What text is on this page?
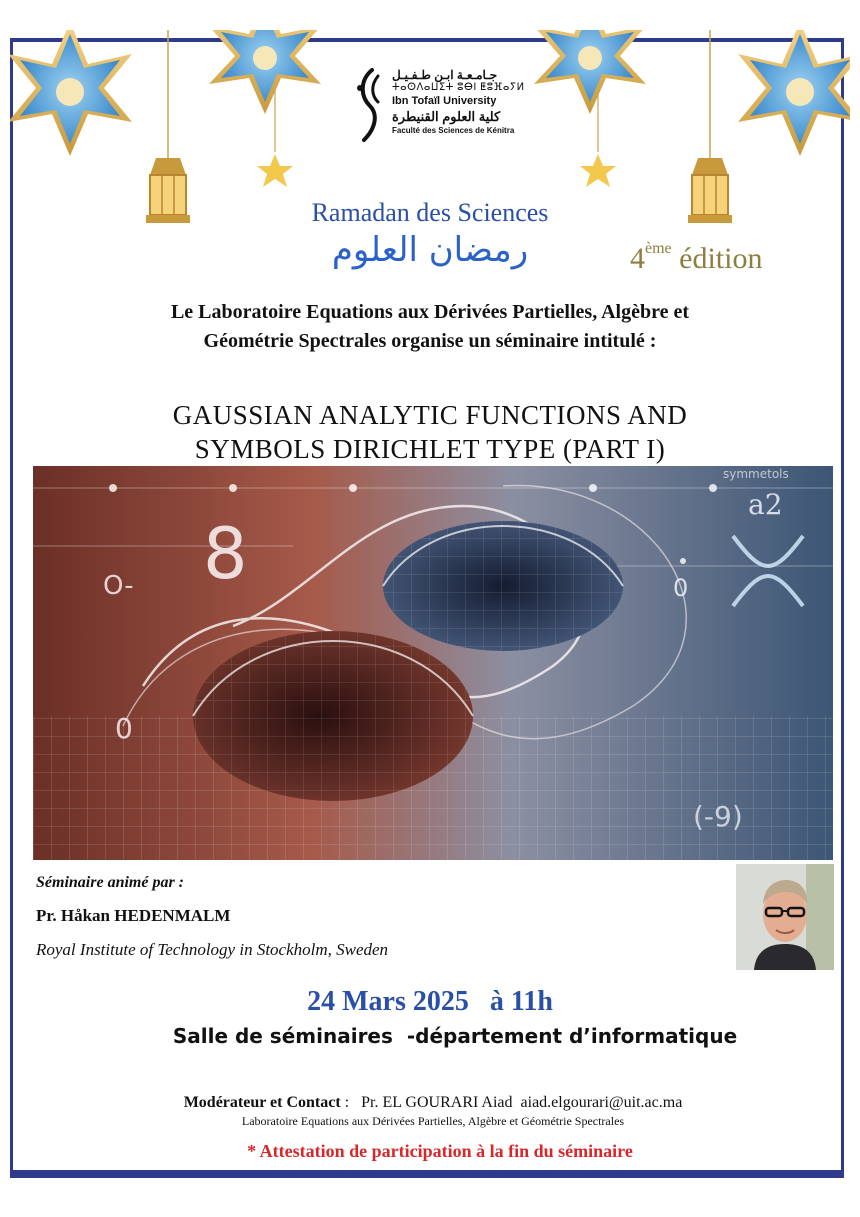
جـامـعـة ابـن طـفـيـل
ⵜⴰⵙⴷⴰⵡⵉⵜ ⵓⴱⵏ ⵟⵓⴼⴰⵢⵍ
Ibn Tofaïl University
كلية العلوم القنيطرة
Faculté des Sciences de Kénitra
Ramadan des Sciences
رمضان العلوم	4ème édition
Le Laboratoire Equations aux Dérivées Partielles, Algèbre et
Géométrie Spectrales organise un séminaire intitulé :
GAUSSIAN ANALYTIC FUNCTIONS AND
SYMBOLS DIRICHLET TYPE (PART I)
8
O-	0
0
a2
(-9)
symmetols
Séminaire animé par :
Pr. Håkan HEDENMALM
Royal Institute of Technology in Stockholm, Sweden
24 Mars 2025   à 11h
Salle de séminaires  -département d’informatique
Modérateur et Contact :   Pr. EL GOURARI Aiad aiad.elgourari@uit.ac.ma
Laboratoire Equations aux Dérivées Partielles, Algèbre et Géométrie Spectrales
* Attestation de participation à la fin du séminaire
